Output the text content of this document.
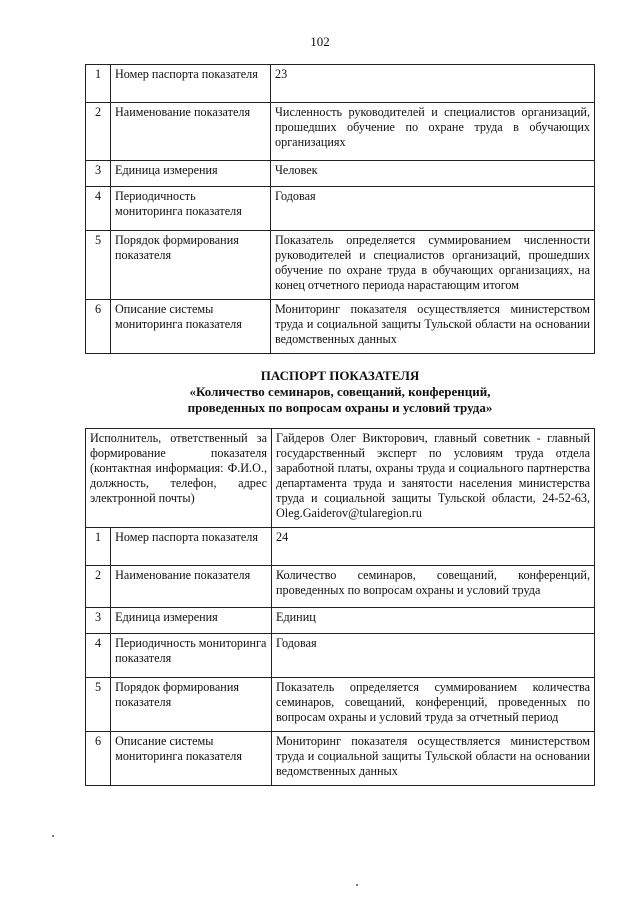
102
1	Номер паспорта показателя	23
2	Наименование показателя	Численность руководителей и специалистов организаций, прошедших обучение по охране труда в обучающих организациях
3	Единица измерения	Человек
4	Периодичность мониторинга показателя	Годовая
5	Порядок формирования показателя	Показатель определяется суммированием численности руководителей и специалистов организаций, прошедших обучение по охране труда в обучающих организациях, на конец отчетного периода нарастающим итогом
6	Описание системы мониторинга показателя	Мониторинг показателя осуществляется министерством труда и социальной защиты Тульской области на основании ведомственных данных
ПАСПОРТ ПОКАЗАТЕЛЯ
«Количество семинаров, совещаний, конференций,
проведенных по вопросам охраны и условий труда»
Исполнитель, ответственный за формирование показателя (контактная информация: Ф.И.О., должность, телефон, адрес электронной почты)		Гайдеров Олег Викторович, главный советник - главный государственный эксперт по условиям труда отдела заработной платы, охраны труда и социального партнерства департамента труда и занятости населения министерства труда и социальной защиты Тульской области, 24-52-63, Oleg.Gaiderov@tularegion.ru
1	Номер паспорта показателя	24
2	Наименование показателя	Количество семинаров, совещаний, конференций, проведенных по вопросам охраны и условий труда
3	Единица измерения	Единиц
4	Периодичность мониторинга показателя	Годовая
5	Порядок формирования показателя	Показатель определяется суммированием количества семинаров, совещаний, конференций, проведенных по вопросам охраны и условий труда за отчетный период
6	Описание системы мониторинга показателя	Мониторинг показателя осуществляется министерством труда и социальной защиты Тульской области на основании ведомственных данных
